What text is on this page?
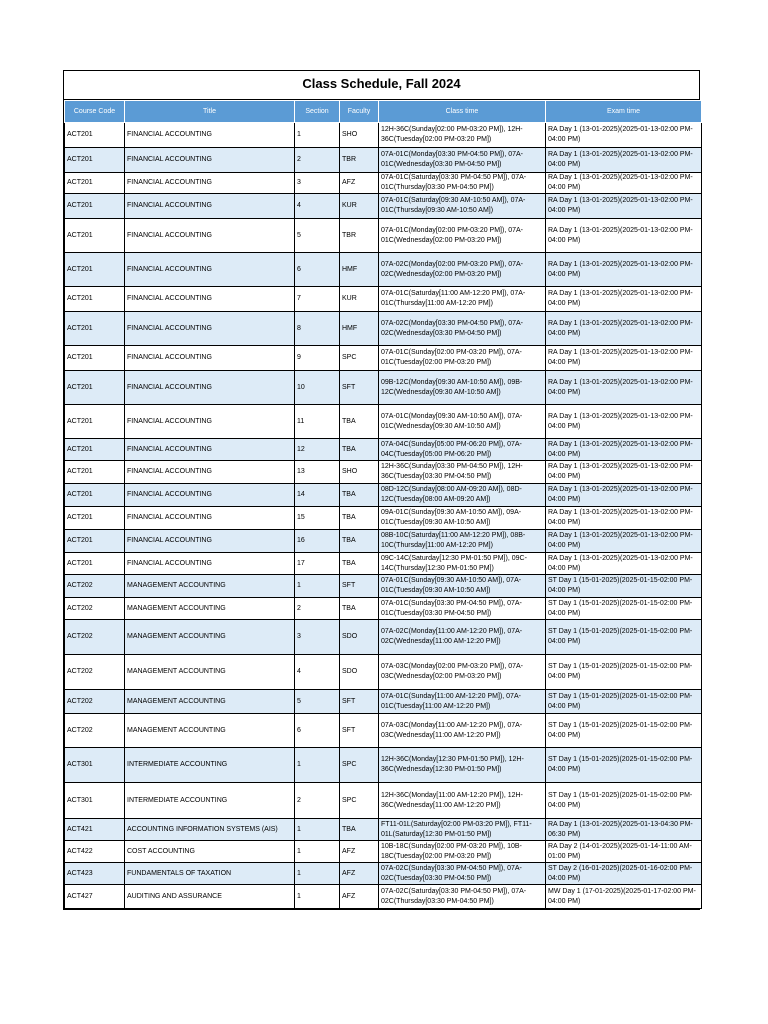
Class Schedule, Fall 2024
Course Code	Title	Section	Faculty	Class time	Exam time
ACT201	FINANCIAL ACCOUNTING	1	SHO	12H-36C(Sunday[02:00 PM-03:20 PM]), 12H-36C(Tuesday[02:00 PM-03:20 PM])	RA Day 1 (13-01-2025)(2025-01-13-02:00 PM-04:00 PM)
ACT201	FINANCIAL ACCOUNTING	2	TBR	07A-01C(Monday[03:30 PM-04:50 PM]), 07A-01C(Wednesday[03:30 PM-04:50 PM])	RA Day 1 (13-01-2025)(2025-01-13-02:00 PM-04:00 PM)
ACT201	FINANCIAL ACCOUNTING	3	AFZ	07A-01C(Saturday[03:30 PM-04:50 PM]), 07A-01C(Thursday[03:30 PM-04:50 PM])	RA Day 1 (13-01-2025)(2025-01-13-02:00 PM-04:00 PM)
ACT201	FINANCIAL ACCOUNTING	4	KUR	07A-01C(Saturday[09:30 AM-10:50 AM]), 07A-01C(Thursday[09:30 AM-10:50 AM])	RA Day 1 (13-01-2025)(2025-01-13-02:00 PM-04:00 PM)
ACT201	FINANCIAL ACCOUNTING	5	TBR	07A-01C(Monday[02:00 PM-03:20 PM]), 07A-01C(Wednesday[02:00 PM-03:20 PM])	RA Day 1 (13-01-2025)(2025-01-13-02:00 PM-04:00 PM)
ACT201	FINANCIAL ACCOUNTING	6	HMF	07A-02C(Monday[02:00 PM-03:20 PM]), 07A-02C(Wednesday[02:00 PM-03:20 PM])	RA Day 1 (13-01-2025)(2025-01-13-02:00 PM-04:00 PM)
ACT201	FINANCIAL ACCOUNTING	7	KUR	07A-01C(Saturday[11:00 AM-12:20 PM]), 07A-01C(Thursday[11:00 AM-12:20 PM])	RA Day 1 (13-01-2025)(2025-01-13-02:00 PM-04:00 PM)
ACT201	FINANCIAL ACCOUNTING	8	HMF	07A-02C(Monday[03:30 PM-04:50 PM]), 07A-02C(Wednesday[03:30 PM-04:50 PM])	RA Day 1 (13-01-2025)(2025-01-13-02:00 PM-04:00 PM)
ACT201	FINANCIAL ACCOUNTING	9	SPC	07A-01C(Sunday[02:00 PM-03:20 PM]), 07A-01C(Tuesday[02:00 PM-03:20 PM])	RA Day 1 (13-01-2025)(2025-01-13-02:00 PM-04:00 PM)
ACT201	FINANCIAL ACCOUNTING	10	SFT	09B-12C(Monday[09:30 AM-10:50 AM]), 09B-12C(Wednesday[09:30 AM-10:50 AM])	RA Day 1 (13-01-2025)(2025-01-13-02:00 PM-04:00 PM)
ACT201	FINANCIAL ACCOUNTING	11	TBA	07A-01C(Monday[09:30 AM-10:50 AM]), 07A-01C(Wednesday[09:30 AM-10:50 AM])	RA Day 1 (13-01-2025)(2025-01-13-02:00 PM-04:00 PM)
ACT201	FINANCIAL ACCOUNTING	12	TBA	07A-04C(Sunday[05:00 PM-06:20 PM]), 07A-04C(Tuesday[05:00 PM-06:20 PM])	RA Day 1 (13-01-2025)(2025-01-13-02:00 PM-04:00 PM)
ACT201	FINANCIAL ACCOUNTING	13	SHO	12H-36C(Sunday[03:30 PM-04:50 PM]), 12H-36C(Tuesday[03:30 PM-04:50 PM])	RA Day 1 (13-01-2025)(2025-01-13-02:00 PM-04:00 PM)
ACT201	FINANCIAL ACCOUNTING	14	TBA	08D-12C(Sunday[08:00 AM-09:20 AM]), 08D-12C(Tuesday[08:00 AM-09:20 AM])	RA Day 1 (13-01-2025)(2025-01-13-02:00 PM-04:00 PM)
ACT201	FINANCIAL ACCOUNTING	15	TBA	09A-01C(Sunday[09:30 AM-10:50 AM]), 09A-01C(Tuesday[09:30 AM-10:50 AM])	RA Day 1 (13-01-2025)(2025-01-13-02:00 PM-04:00 PM)
ACT201	FINANCIAL ACCOUNTING	16	TBA	08B-10C(Saturday[11:00 AM-12:20 PM]), 08B-10C(Thursday[11:00 AM-12:20 PM])	RA Day 1 (13-01-2025)(2025-01-13-02:00 PM-04:00 PM)
ACT201	FINANCIAL ACCOUNTING	17	TBA	09C-14C(Saturday[12:30 PM-01:50 PM]), 09C-14C(Thursday[12:30 PM-01:50 PM])	RA Day 1 (13-01-2025)(2025-01-13-02:00 PM-04:00 PM)
ACT202	MANAGEMENT ACCOUNTING	1	SFT	07A-01C(Sunday[09:30 AM-10:50 AM]), 07A-01C(Tuesday[09:30 AM-10:50 AM])	ST Day 1 (15-01-2025)(2025-01-15-02:00 PM-04:00 PM)
ACT202	MANAGEMENT ACCOUNTING	2	TBA	07A-01C(Sunday[03:30 PM-04:50 PM]), 07A-01C(Tuesday[03:30 PM-04:50 PM])	ST Day 1 (15-01-2025)(2025-01-15-02:00 PM-04:00 PM)
ACT202	MANAGEMENT ACCOUNTING	3	SDO	07A-02C(Monday[11:00 AM-12:20 PM]), 07A-02C(Wednesday[11:00 AM-12:20 PM])	ST Day 1 (15-01-2025)(2025-01-15-02:00 PM-04:00 PM)
ACT202	MANAGEMENT ACCOUNTING	4	SDO	07A-03C(Monday[02:00 PM-03:20 PM]), 07A-03C(Wednesday[02:00 PM-03:20 PM])	ST Day 1 (15-01-2025)(2025-01-15-02:00 PM-04:00 PM)
ACT202	MANAGEMENT ACCOUNTING	5	SFT	07A-01C(Sunday[11:00 AM-12:20 PM]), 07A-01C(Tuesday[11:00 AM-12:20 PM])	ST Day 1 (15-01-2025)(2025-01-15-02:00 PM-04:00 PM)
ACT202	MANAGEMENT ACCOUNTING	6	SFT	07A-03C(Monday[11:00 AM-12:20 PM]), 07A-03C(Wednesday[11:00 AM-12:20 PM])	ST Day 1 (15-01-2025)(2025-01-15-02:00 PM-04:00 PM)
ACT301	INTERMEDIATE ACCOUNTING	1	SPC	12H-36C(Monday[12:30 PM-01:50 PM]), 12H-36C(Wednesday[12:30 PM-01:50 PM])	ST Day 1 (15-01-2025)(2025-01-15-02:00 PM-04:00 PM)
ACT301	INTERMEDIATE ACCOUNTING	2	SPC	12H-36C(Monday[11:00 AM-12:20 PM]), 12H-36C(Wednesday[11:00 AM-12:20 PM])	ST Day 1 (15-01-2025)(2025-01-15-02:00 PM-04:00 PM)
ACT421	ACCOUNTING INFORMATION SYSTEMS (AIS)	1	TBA	FT11-01L(Saturday[02:00 PM-03:20 PM]), FT11-01L(Saturday[12:30 PM-01:50 PM])	RA Day 1 (13-01-2025)(2025-01-13-04:30 PM-06:30 PM)
ACT422	COST ACCOUNTING	1	AFZ	10B-18C(Sunday[02:00 PM-03:20 PM]), 10B-18C(Tuesday[02:00 PM-03:20 PM])	RA Day 2 (14-01-2025)(2025-01-14-11:00 AM-01:00 PM)
ACT423	FUNDAMENTALS OF TAXATION	1	AFZ	07A-02C(Sunday[03:30 PM-04:50 PM]), 07A-02C(Tuesday[03:30 PM-04:50 PM])	ST Day 2 (16-01-2025)(2025-01-16-02:00 PM-04:00 PM)
ACT427	AUDITING AND ASSURANCE	1	AFZ	07A-02C(Saturday[03:30 PM-04:50 PM]), 07A-02C(Thursday[03:30 PM-04:50 PM])	MW Day 1 (17-01-2025)(2025-01-17-02:00 PM-04:00 PM)
